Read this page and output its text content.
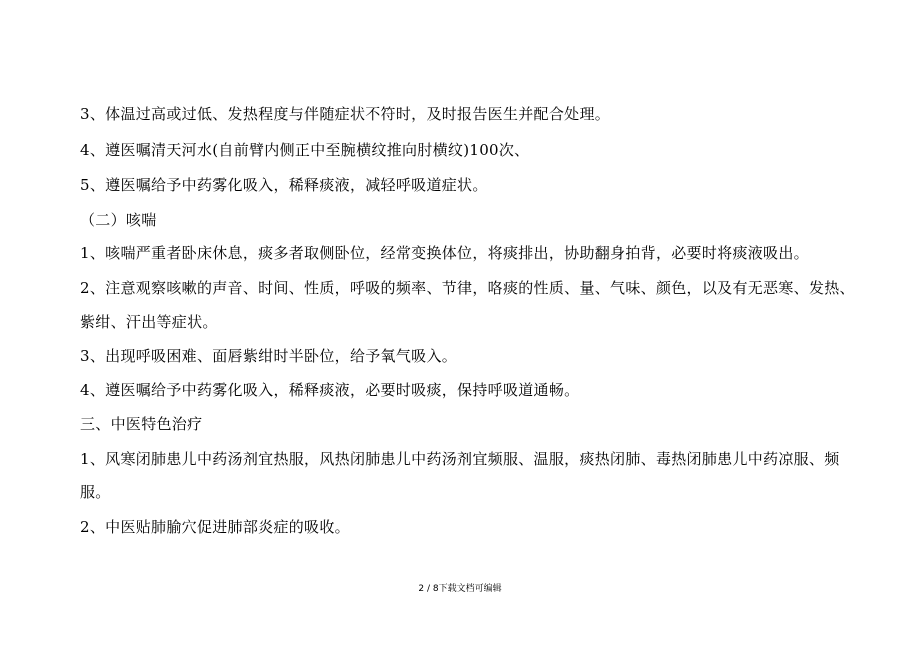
3、体温过高或过低、发热程度与伴随症状不符时，及时报告医生并配合处理。
4、遵医嘱清天河水(自前臂内侧正中至腕横纹推向肘横纹)100次、
5、遵医嘱给予中药雾化吸入，稀释痰液，减轻呼吸道症状。
（二）咳喘
1、咳喘严重者卧床休息，痰多者取侧卧位，经常变换体位，将痰排出，协助翻身拍背，必要时将痰液吸出。
2、注意观察咳嗽的声音、时间、性质，呼吸的频率、节律，咯痰的性质、量、气味、颜色，以及有无恶寒、发热、
紫绀、汗出等症状。
3、出现呼吸困难、面唇紫绀时半卧位，给予氧气吸入。
4、遵医嘱给予中药雾化吸入，稀释痰液，必要时吸痰，保持呼吸道通畅。
三、中医特色治疗
1、风寒闭肺患儿中药汤剂宜热服，风热闭肺患儿中药汤剂宜频服、温服，痰热闭肺、毒热闭肺患儿中药凉服、频
服。
2、中医贴肺腧穴促进肺部炎症的吸收。
2 / 8下载文档可编辑
